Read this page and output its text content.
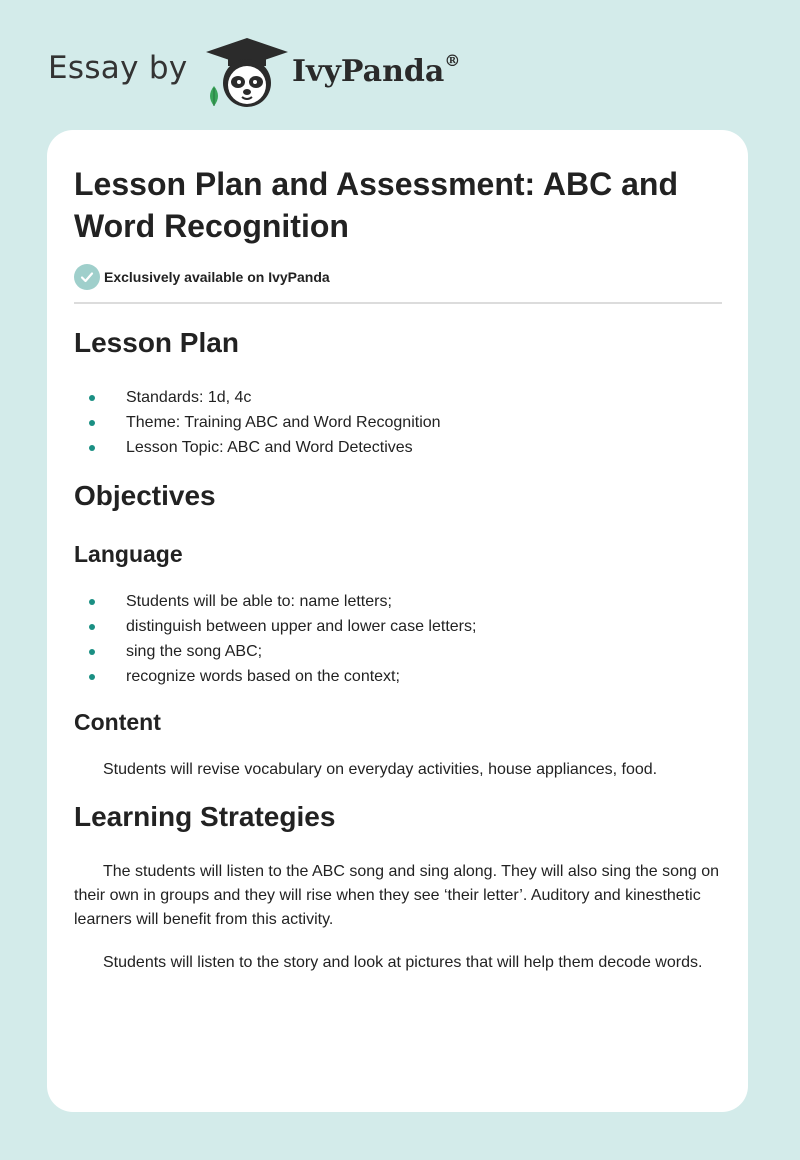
Essay by	IvyPanda®
Lesson Plan and Assessment: ABC and Word Recognition
Exclusively available on IvyPanda
Lesson Plan
Standards: 1d, 4c
Theme: Training ABC and Word Recognition
Lesson Topic: ABC and Word Detectives
Objectives
Language
Students will be able to: name letters;
distinguish between upper and lower case letters;
sing the song ABC;
recognize words based on the context;
Content

Students will revise vocabulary on everyday activities, house appliances, food.

Learning Strategies

The students will listen to the ABC song and sing along. They will also sing the song on their own in groups and they will rise when they see ‘their letter’. Auditory and kinesthetic learners will benefit from this activity.

Students will listen to the story and look at pictures that will help them decode words.
